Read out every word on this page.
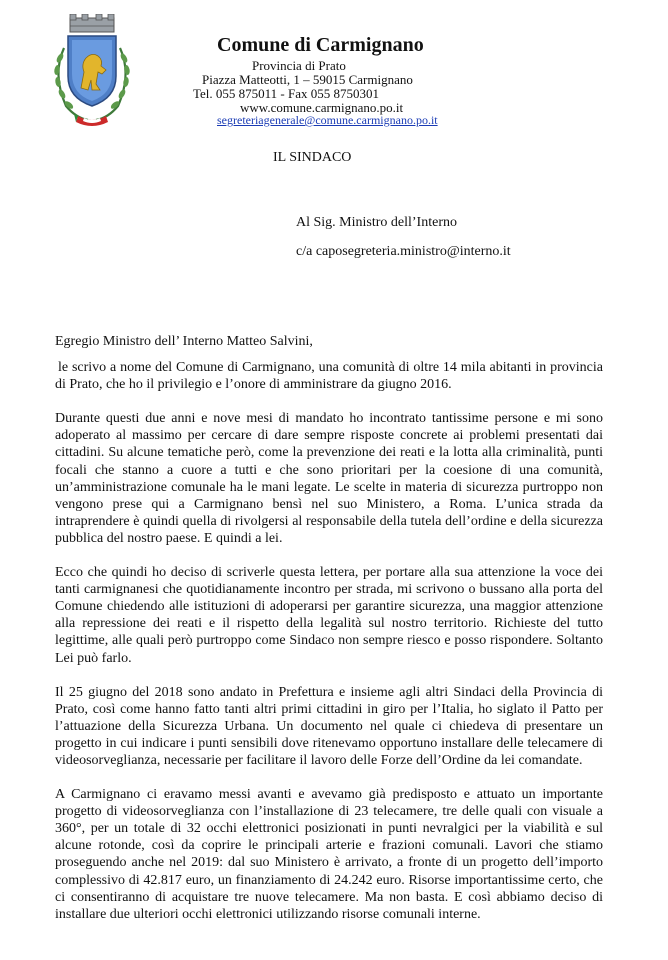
Comune di Carmignano
Provincia di Prato
Piazza Matteotti, 1 – 59015 Carmignano
Tel. 055 875011 - Fax 055 8750301
www.comune.carmignano.po.it
segreteriagenerale@comune.carmignano.po.it
IL SINDACO
Al Sig. Ministro dell’Interno
c/a caposegreteria.ministro@interno.it

Egregio Ministro dell’ Interno Matteo Salvini,

le scrivo a nome del Comune di Carmignano, una comunità di oltre 14 mila abitanti in provincia di Prato, che ho il privilegio e l’onore di amministrare da giugno 2016.

Durante questi due anni e nove mesi di mandato ho incontrato tantissime persone e mi sono adoperato al massimo per cercare di dare sempre risposte concrete ai problemi presentati dai cittadini. Su alcune tematiche però, come la prevenzione dei reati e la lotta alla criminalità, punti focali che stanno a cuore a tutti e che sono prioritari per la coesione di una comunità, un’amministrazione comunale ha le mani legate. Le scelte in materia di sicurezza purtroppo non vengono prese qui a Carmignano bensì nel suo Ministero, a Roma. L’unica strada da intraprendere è quindi quella di rivolgersi al responsabile della tutela dell’ordine e della sicurezza pubblica del nostro paese. E quindi a lei.

Ecco che quindi ho deciso di scriverle questa lettera, per portare alla sua attenzione la voce dei tanti carmignanesi che quotidianamente incontro per strada, mi scrivono o bussano alla porta del Comune chiedendo alle istituzioni di adoperarsi per garantire sicurezza, una maggior attenzione alla repressione dei reati e il rispetto della legalità sul nostro territorio. Richieste del tutto legittime, alle quali però purtroppo come Sindaco non sempre riesco e posso rispondere. Soltanto Lei può farlo.

Il 25 giugno del 2018 sono andato in Prefettura e insieme agli altri Sindaci della Provincia di Prato, così come hanno fatto tanti altri primi cittadini in giro per l’Italia, ho siglato il Patto per l’attuazione della Sicurezza Urbana. Un documento nel quale ci chiedeva di presentare un progetto in cui indicare i punti sensibili dove ritenevamo opportuno installare delle telecamere di videosorveglianza, necessarie per facilitare il lavoro delle Forze dell’Ordine da lei comandate.

A Carmignano ci eravamo messi avanti e avevamo già predisposto e attuato un importante progetto di videosorveglianza con l’installazione di 23 telecamere, tre delle quali con visuale a 360°, per un totale di 32 occhi elettronici posizionati in punti nevralgici per la viabilità e sul alcune rotonde, così da coprire le principali arterie e frazioni comunali. Lavori che stiamo proseguendo anche nel 2019: dal suo Ministero è arrivato, a fronte di un progetto dell’importo complessivo di 42.817 euro, un finanziamento di 24.242 euro. Risorse importantissime certo, che ci consentiranno di acquistare tre nuove telecamere. Ma non basta. E così abbiamo deciso di installare due ulteriori occhi elettronici utilizzando risorse comunali interne.
